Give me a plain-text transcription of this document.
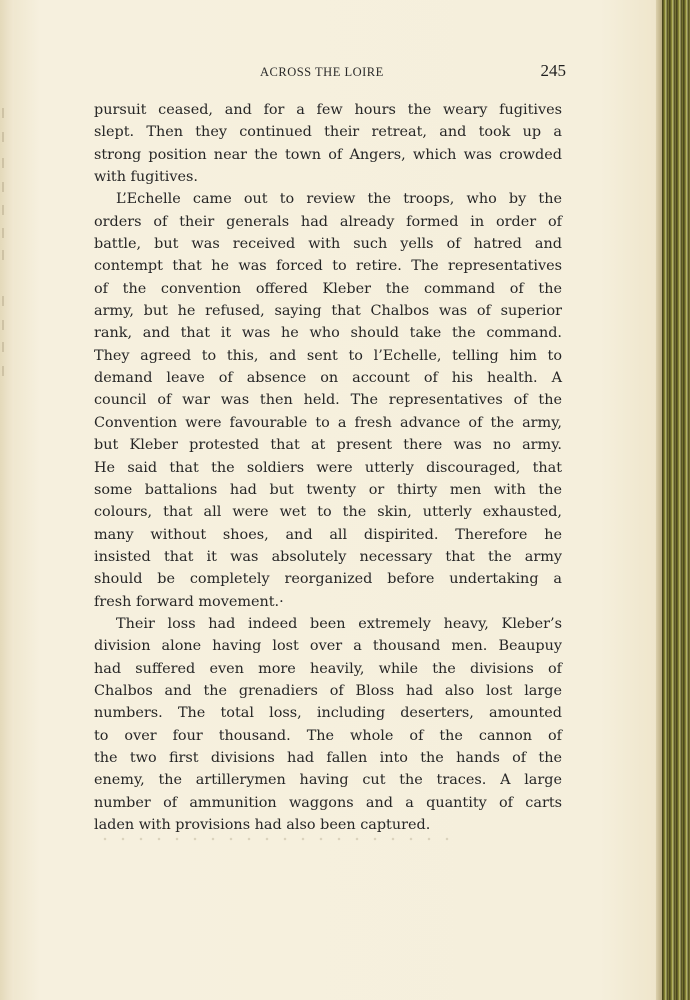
ACROSS THE LOIRE	245
pursuit ceased, and for a few hours the weary fugitives
slept. Then they continued their retreat, and took up a
strong position near the town of Angers, which was crowded
with fugitives.
L’Echelle came out to review the troops, who by the
orders of their generals had already formed in order of
battle, but was received with such yells of hatred and
contempt that he was forced to retire. The representatives
of the convention offered Kleber the command of the
army, but he refused, saying that Chalbos was of superior
rank, and that it was he who should take the command.
They agreed to this, and sent to l’Echelle, telling him to
demand leave of absence on account of his health. A
council of war was then held. The representatives of the
Convention were favourable to a fresh advance of the army,
but Kleber protested that at present there was no army.
He said that the soldiers were utterly discouraged, that
some battalions had but twenty or thirty men with the
colours, that all were wet to the skin, utterly exhausted,
many without shoes, and all dispirited. Therefore he
insisted that it was absolutely necessary that the army
should be completely reorganized before undertaking a
fresh forward movement.·
Their loss had indeed been extremely heavy, Kleber’s
division alone having lost over a thousand men. Beaupuy
had suffered even more heavily, while the divisions of
Chalbos and the grenadiers of Bloss had also lost large
numbers. The total loss, including deserters, amounted
to over four thousand. The whole of the cannon of
the two first divisions had fallen into the hands of the
enemy, the artillerymen having cut the traces. A large
number of ammunition waggons and a quantity of carts
laden with provisions had also been captured.
